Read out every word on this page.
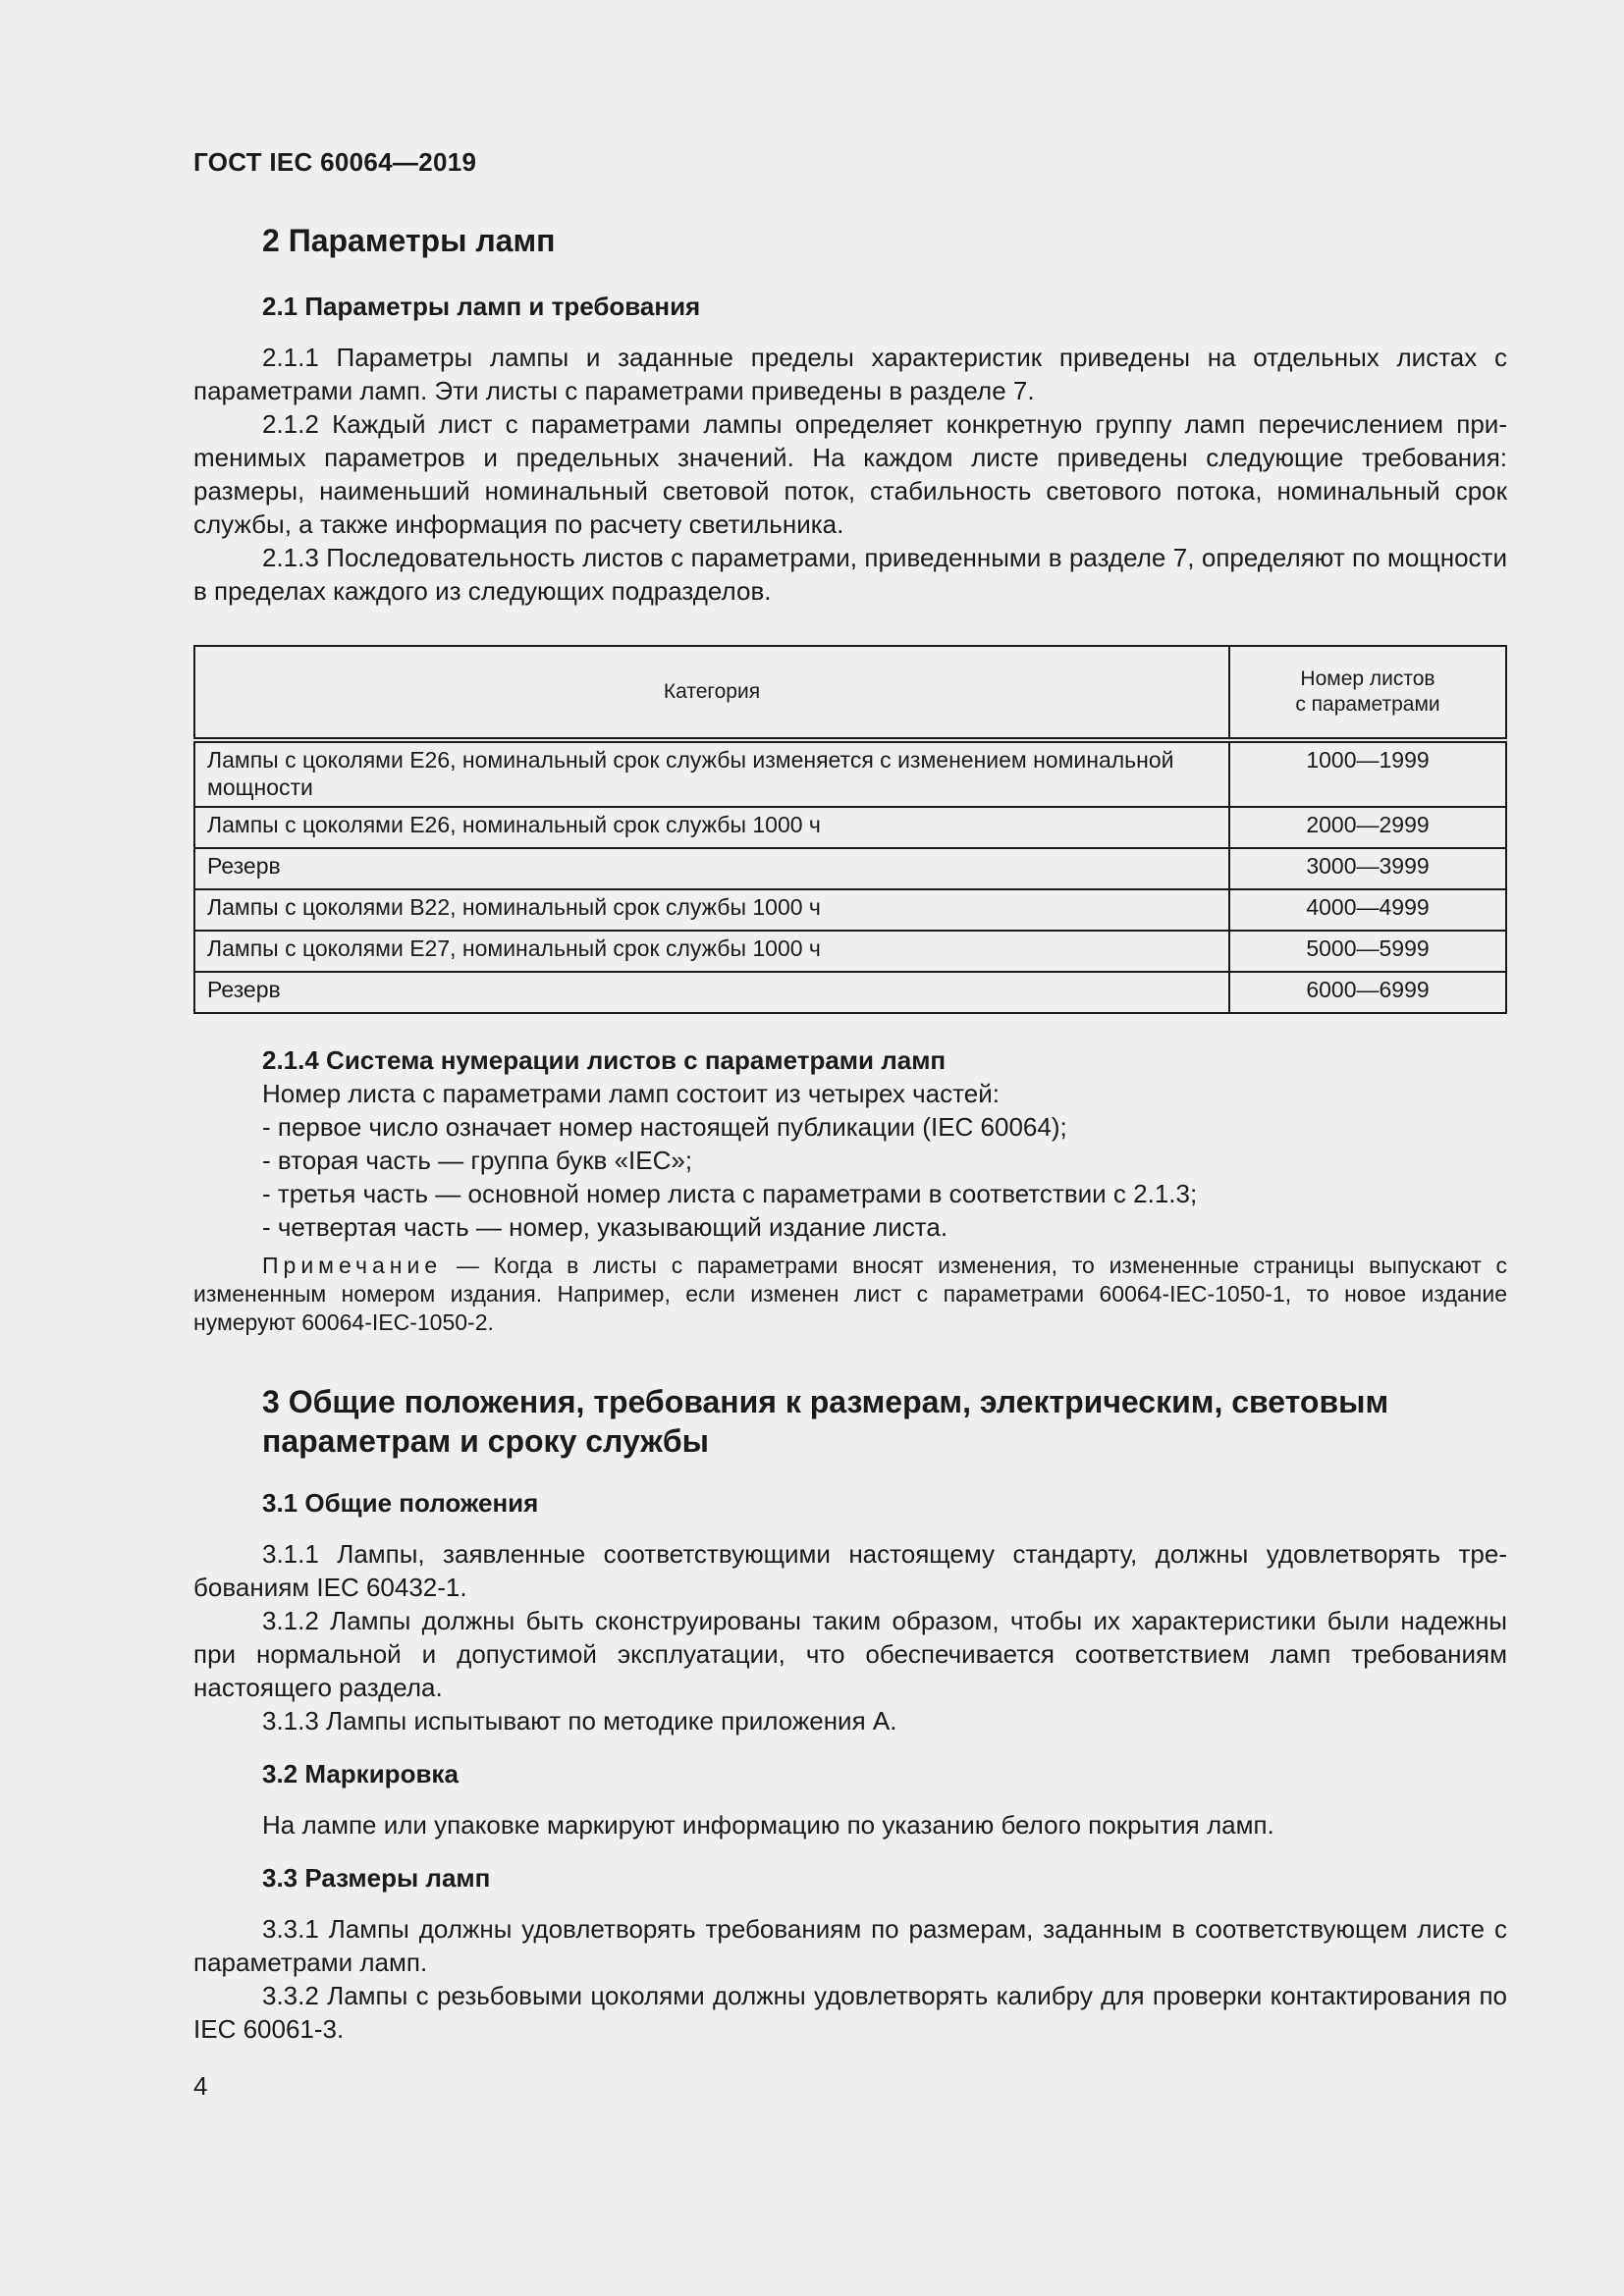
ГОСТ IEC 60064—2019
2 Параметры ламп
2.1 Параметры ламп и требования

2.1.1 Параметры лампы и заданные пределы характеристик приведены на отдельных листах с параметрами ламп. Эти листы с параметрами приведены в разделе 7.

2.1.2 Каждый лист с параметрами лампы определяет конкретную группу ламп перечислением приmенимых параметров и предельных значений. На каждом листе приведены следующие требования: размеры, наименьший номинальный световой поток, стабильность светового потока, номинальный срок службы, а также информация по расчету светильника.

2.1.3 Последовательность листов с параметрами, приведенными в разделе 7, определяют по мощности в пределах каждого из следующих подразделов.

Категория	Номер листов
с параметрами
Лампы с цоколями E26, номинальный срок службы изменяется с изменением номинальной мощности	1000—1999
Лампы с цоколями E26, номинальный срок службы 1000 ч	2000—2999
Резерв	3000—3999
Лампы с цоколями B22, номинальный срок службы 1000 ч	4000—4999
Лампы с цоколями E27, номинальный срок службы 1000 ч	5000—5999
Резерв	6000—6999
2.1.4 Система нумерации листов с параметрами ламп

Номер листа с параметрами ламп состоит из четырех частей:

- первое число означает номер настоящей публикации (IEC 60064);

- вторая часть — группа букв «IEC»;

- третья часть — основной номер листа с параметрами в соответствии с 2.1.3;

- четвертая часть — номер, указывающий издание листа.

Примечание — Когда в листы с параметрами вносят изменения, то измененные страницы выпускают с измененным номером издания. Например, если изменен лист с параметрами 60064-IEC-1050-1, то новое издание нумеруют 60064-IEC-1050-2.

3 Общие положения, требования к размерам, электрическим, световым параметрам и сроку службы
3.1 Общие положения

3.1.1 Лампы, заявленные соответствующими настоящему стандарту, должны удовлетворять требованиям IEC 60432-1.

3.1.2 Лампы должны быть сконструированы таким образом, чтобы их характеристики были надежны при нормальной и допустимой эксплуатации, что обеспечивается соответствием ламп требованиям настоящего раздела.

3.1.3 Лампы испытывают по методике приложения А.

3.2 Маркировка

На лампе или упаковке маркируют информацию по указанию белого покрытия ламп.

3.3 Размеры ламп

3.3.1 Лампы должны удовлетворять требованиям по размерам, заданным в соответствующем листе с параметрами ламп.

3.3.2 Лампы с резьбовыми цоколями должны удовлетворять калибру для проверки контактирования по IEC 60061-3.

4
